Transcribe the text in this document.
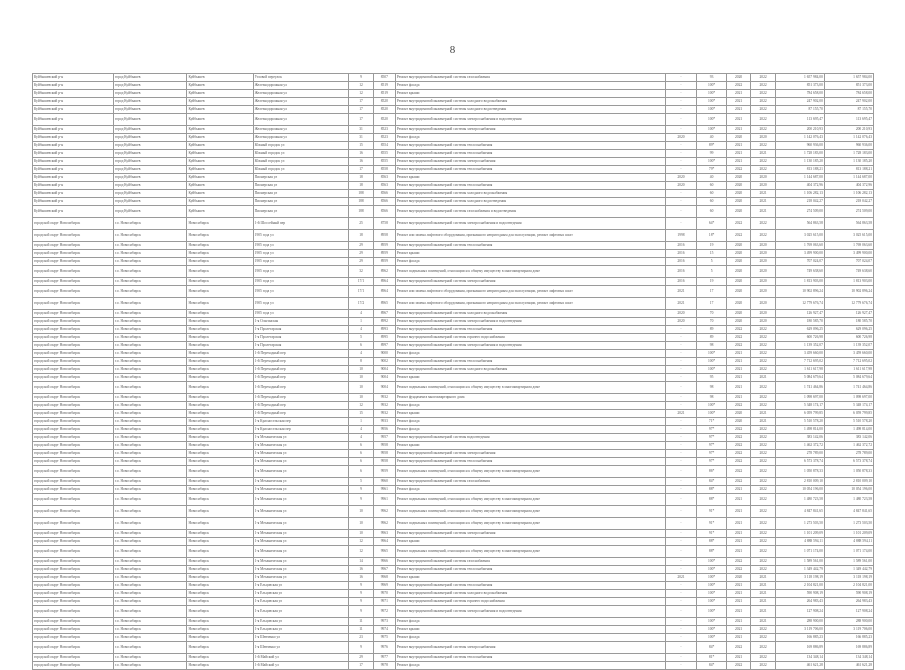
8
Куйбышевский р-н	город Куйбышев	Куйбышев	Угловой переулок	9	8507	Ремонт внутридомовой инженерной системы газоснабжения	-	93	2020	2022	1 657 984,00	1 657 984,00
Куйбышевский р-н	город Куйбышев	Куйбышев	Железнодорожная ул	12	8519	Ремонт фасада	-	100*	2022	2022	851 373,00	851 373,00
Куйбышевский р-н	город Куйбышев	Куйбышев	Железнодорожная ул	12	8519	Ремонт крыши	-	100*	2021	2022	784 658,00	784 658,00
Куйбышевский р-н	город Куйбышев	Куйбышев	Железнодорожная ул	17	8520	Ремонт внутридомовой инженерной системы холодного водоснабжения	-	100*	2021	2022	247 902,00	247 902,00
Куйбышевский р-н	город Куйбышев	Куйбышев	Железнодорожная ул	17	8520	Ремонт внутридомовой инженерной системы холодного водоотведения	-	100*	2021	2022	87 155,70	87 155,70
Куйбышевский р-н	город Куйбышев	Куйбышев	Железнодорожная ул	17	8520	Ремонт внутридомовой инженерной системы электроснабжения и водоотведения	-	100*	2021	2022	113 695,47	113 695,47
Куйбышевский р-н	город Куйбышев	Куйбышев	Железнодорожная ул	31	8523	Ремонт внутридомовой инженерной системы электроснабжения	-	100*	2021	2022	200 210,93	200 210,93
Куйбышевский р-н	город Куйбышев	Куйбышев	Железнодорожная ул	31	8523	Ремонт фасада	2020	40	2020	2020	1 142 076,43	1 142 076,43
Куйбышевский р-н	город Куйбышев	Куйбышев	Южный городок ул	15	8554	Ремонт внутридомовой инженерной системы теплоснабжения	-	89*	2021	2022	960 936,00	960 936,00
Куйбышевский р-н	город Куйбышев	Куйбышев	Южный городок ул	16	8555	Ремонт внутридомовой инженерной системы теплоснабжения	-	99	2021	2021	1 728 183,00	1 728 183,00
Куйбышевский р-н	город Куйбышев	Куйбышев	Южный городок ул	16	8555	Ремонт внутридомовой инженерной системы электроснабжения	-	100*	2021	2022	1 130 185,20	1 130 185,20
Куйбышевский р-н	город Куйбышев	Куйбышев	Южный городок ул	17	8558	Ремонт внутридомовой инженерной системы теплоснабжения	-	79*	2022	2022	813 188,21	813 188,21
Куйбышевский р-н	город Куйбышев	Куйбышев	Пионерская ул	18	8563	Ремонт крыши	2020	40	2020	2020	1 144 687,00	1 144 687,00
Куйбышевский р-н	город Куйбышев	Куйбышев	Пионерская ул	18	8563	Ремонт внутридомовой инженерной системы теплоснабжения	2020	60	2020	2020	404 372,96	404 372,96
Куйбышевский р-н	город Куйбышев	Куйбышев	Пионерская ул	188	8566	Ремонт внутридомовой инженерной системы холодного водоснабжения	-	60	2020	2021	1 106 282,13	1 106 282,13
Куйбышевский р-н	город Куйбышев	Куйбышев	Пионерская ул	188	8566	Ремонт внутридомовой инженерной системы холодного водоотведения	-	60	2020	2021	218 042,27	218 042,27
Куйбышевский р-н	город Куйбышев	Куйбышев	Пионерская ул	188	8566	Ремонт внутридомовой инженерной системы газоснабжения и водоотведения	-	60	2020	2021	274 509,00	274 509,00
городской округ Новосибирск	г.о. Новосибирск	Новосибирск	1-й Шоссейный пер	25	8758	Ремонт внутридомовой инженерной системы электроснабжения и водоотведения	-	64*	2022	2022	564 863,58	564 863,58
городской округ Новосибирск	г.о. Новосибирск	Новосибирск	1905 года ул	18	8958	Ремонт или замена лифтового оборудования, признанного непригодным для эксплуатации, ремонт лифтовых шахт	1998	18*	2022	2022	3 025 615,00	3 025 615,00
городской округ Новосибирск	г.о. Новосибирск	Новосибирск	1905 года ул	29	8959	Ремонт внутридомовой инженерной системы теплоснабжения	2016	19	2020	2020	1 769 063,60	1 769 063,60
городской округ Новосибирск	г.о. Новосибирск	Новосибирск	1905 года ул	29	8959	Ремонт крыши	2016	15	2020	2020	3 499 900,00	3 499 900,00
городской округ Новосибирск	г.о. Новосибирск	Новосибирск	1905 года ул	29	8959	Ремонт фасада	2016	5	2020	2020	707 024,07	707 024,07
городской округ Новосибирск	г.о. Новосибирск	Новосибирск	1905 года ул	32	8962	Ремонт подвальных помещений, относящихся к общему имуществу в многоквартирном доме	2016	5	2020	2020	749 638,60	749 638,60
городской округ Новосибирск	г.о. Новосибирск	Новосибирск	1905 года ул	17/1	8964	Ремонт внутридомовой инженерной системы электроснабжения	2016	19	2020	2020	1 813 903,00	1 813 903,00
городской округ Новосибирск	г.о. Новосибирск	Новосибирск	1905 года ул	17/1	8964	Ремонт или замена лифтового оборудования, признанного непригодным для эксплуатации, ремонт лифтовых шахт	2021	17	2020	2020	10 902 896,24	10 902 896,24
городской округ Новосибирск	г.о. Новосибирск	Новосибирск	1905 года ул	17/2	8965	Ремонт или замена лифтового оборудования, признанного непригодным для эксплуатации, ремонт лифтовых шахт	2021	17	2020	2020	12 779 676,74	12 779 676,74
городской округ Новосибирск	г.о. Новосибирск	Новосибирск	1905 года ул	4	8967	Ремонт внутридомовой инженерной системы холодного водоснабжения	2020	70	2020	2020	126 927,47	126 927,47
городской округ Новосибирск	г.о. Новосибирск	Новосибирск	1-я Ольгинская	1	8992	Ремонт внутридомовой инженерной системы электроснабжения и водоотведения	2020	70	2020	2020	180 585,70	180 585,70
городской округ Новосибирск	г.о. Новосибирск	Новосибирск	1-я Пролетарская	4	8993	Ремонт внутридомовой инженерной системы теплоснабжения	-	89	2022	2022	629 096,25	629 096,25
городской округ Новосибирск	г.о. Новосибирск	Новосибирск	1-я Пролетарская	5	8995	Ремонт внутридомовой инженерной системы горячего водоснабжения	-	89	2022	2022	600 726,98	600 726,98
городской округ Новосибирск	г.о. Новосибирск	Новосибирск	1-я Пролетарская	6	8997	Ремонт внутридомовой инженерной системы электроснабжения и водоотведения	-	98	2022	2022	1 139 352,07	1 139 352,07
городской округ Новосибирск	г.о. Новосибирск	Новосибирск	1-й Переходный пер	4	9000	Ремонт фасада	-	100*	2021	2022	3 459 660,00	3 459 660,00
городской округ Новосибирск	г.о. Новосибирск	Новосибирск	1-й Переходный пер	8	9002	Ремонт внутридомовой инженерной системы теплоснабжения	-	100*	2021	2022	7 712 695,02	7 712 695,02
городской округ Новосибирск	г.о. Новосибирск	Новосибирск	1-й Переходный пер	10	9004	Ремонт внутридомовой инженерной системы холодного водоснабжения	-	100*	2021	2022	1 611 617,98	1 611 617,98
городской округ Новосибирск	г.о. Новосибирск	Новосибирск	1-й Переходный пер	10	9004	Ремонт крыши	-	95	2021	2021	5 084 679,64	5 084 679,64
городской округ Новосибирск	г.о. Новосибирск	Новосибирск	1-й Переходный пер	10	9004	Ремонт подвальных помещений, относящихся к общему имуществу в многоквартирном доме	-	98	2021	2022	1 741 464,86	1 741 464,86
городской округ Новосибирск	г.о. Новосибирск	Новосибирск	1-й Переходный пер	10	9932	Ремонт фундамента многоквартирного дома	-	98	2021	2022	1 098 697,00	1 098 697,00
городской округ Новосибирск	г.о. Новосибирск	Новосибирск	1-й Переходный пер	12	9932	Ремонт фасада	-	100*	2022	2022	5 348 174,17	5 348 174,17
городской округ Новосибирск	г.о. Новосибирск	Новосибирск	1-й Переходный пер	15	9932	Ремонт крыши	2021	100*	2020	2021	6 059 799,85	6 059 799,85
городской округ Новосибирск	г.о. Новосибирск	Новосибирск	1-я Красносельская пер	1	9933	Ремонт фасада	-	71*	2020	2021	5 510 578,20	5 510 578,20
городской округ Новосибирск	г.о. Новосибирск	Новосибирск	1-я Красносельская пер	4	9956	Ремонт фасада	-	97*	2022	2022	1 498 814,00	1 498 814,00
городской округ Новосибирск	г.о. Новосибирск	Новосибирск	1-я Механическая ул	4	9957	Ремонт внутридомовой инженерной системы водоотведения	-	97*	2022	2022	383 142,06	383 142,06
городской округ Новосибирск	г.о. Новосибирск	Новосибирск	1-я Механическая ул	6	9958	Ремонт крыши	-	97*	2022	2022	1 462 372,72	1 462 372,72
городской округ Новосибирск	г.о. Новосибирск	Новосибирск	1-я Механическая ул	6	9958	Ремонт внутридомовой инженерной системы электроснабжения	-	97*	2022	2022	278 789,00	278 789,00
городской округ Новосибирск	г.о. Новосибирск	Новосибирск	1-я Механическая ул	6	9958	Ремонт внутридомовой инженерной системы теплоснабжения	-	97*	2022	2022	6 573 378,74	6 573 378,74
городской округ Новосибирск	г.о. Новосибирск	Новосибирск	1-я Механическая ул	6	9959	Ремонт подвальных помещений, относящихся к общему имуществу в многоквартирном доме	-	86*	2022	2022	1 050 878,33	1 050 878,33
городской округ Новосибирск	г.о. Новосибирск	Новосибирск	1-я Механическая ул	5	9960	Ремонт внутридомовой инженерной системы газоснабжения	-	84*	2022	2022	2 810 009,10	2 810 009,10
городской округ Новосибирск	г.о. Новосибирск	Новосибирск	1-я Механическая ул	9	9961	Ремонт фасада	-	88*	2021	2022	10 054 196,00	10 054 196,00
городской округ Новосибирск	г.о. Новосибирск	Новосибирск	1-я Механическая ул	9	9961	Ремонт подвальных помещений, относящихся к общему имуществу в многоквартирном доме	-	88*	2021	2022	1 480 723,58	1 480 723,58
городской округ Новосибирск	г.о. Новосибирск	Новосибирск	1-я Механическая ул	10	9962	Ремонт подвальных помещений, относящихся к общему имуществу в многоквартирном доме	-	91*	2021	2022	4 847 841,65	4 847 841,65
городской округ Новосибирск	г.о. Новосибирск	Новосибирск	1-я Механическая ул	10	9962	Ремонт подвальных помещений, относящихся к общему имуществу в многоквартирном доме	-	91*	2021	2022	1 273 503,50	1 273 503,50
городской округ Новосибирск	г.о. Новосибирск	Новосибирск	1-я Механическая ул	10	9963	Ремонт внутридомовой инженерной системы электроснабжения	-	91*	2021	2022	1 101 209,09	1 101 209,09
городской округ Новосибирск	г.о. Новосибирск	Новосибирск	1-я Механическая ул	12	9964	Ремонт крыши	-	88*	2021	2022	4 888 594,11	4 888 594,11
городской округ Новосибирск	г.о. Новосибирск	Новосибирск	1-я Механическая ул	12	9965	Ремонт подвальных помещений, относящихся к общему имуществу в многоквартирном доме	-	88*	2021	2022	1 071 174,00	1 071 174,00
городской округ Новосибирск	г.о. Новосибирск	Новосибирск	1-я Механическая ул	14	9966	Ремонт внутридомовой инженерной системы газоснабжения	-	100*	2022	2022	1 589 561,00	1 589 561,00
городской округ Новосибирск	г.о. Новосибирск	Новосибирск	1-я Механическая ул	16	9967	Ремонт внутридомовой инженерной системы теплоснабжения	-	100*	2022	2022	1 349 442,79	1 349 442,79
городской округ Новосибирск	г.о. Новосибирск	Новосибирск	1-я Механическая ул	16	9968	Ремонт крыши	2021	100*	2020	2021	3 118 198,19	3 118 198,19
городской округ Новосибирск	г.о. Новосибирск	Новосибирск	1-я Ельцовская ул	9	9969	Ремонт внутридомовой инженерной системы теплоснабжения	-	100*	2021	2021	2 104 821,00	2 104 821,00
городской округ Новосибирск	г.о. Новосибирск	Новосибирск	1-я Ельцовская ул	9	9970	Ремонт внутридомовой инженерной системы холодного водоснабжения	-	100*	2021	2021	590 908,19	590 908,19
городской округ Новосибирск	г.о. Новосибирск	Новосибирск	1-я Ельцовская ул	9	9971	Ремонт внутридомовой инженерной системы горячего водоснабжения	-	100*	2021	2021	264 983,43	264 983,43
городской округ Новосибирск	г.о. Новосибирск	Новосибирск	1-я Ельцовская ул	9	9972	Ремонт внутридомовой инженерной системы электроснабжения и водоотведения	-	100*	2021	2021	127 908,24	127 908,24
городской округ Новосибирск	г.о. Новосибирск	Новосибирск	1-я Ельцовская ул	11	9973	Ремонт фасада	-	100*	2021	2021	288 900,00	288 900,00
городской округ Новосибирск	г.о. Новосибирск	Новосибирск	1-я Ельцовская ул	11	9974	Ремонт крыши	-	100*	2021	2022	3 119 706,00	3 119 706,00
городской округ Новосибирск	г.о. Новосибирск	Новосибирск	1-я Шевченко ул	23	9975	Ремонт фасада	-	100*	2021	2022	166 885,23	166 885,23
городской округ Новосибирск	г.о. Новосибирск	Новосибирск	1-я Шевченко ул	9	9976	Ремонт внутридомовой инженерной системы электроснабжения	-	84*	2022	2022	169 886,89	169 886,89
городской округ Новосибирск	г.о. Новосибирск	Новосибирск	1-й Майский ул	29	9977	Ремонт внутридомовой инженерной системы теплоснабжения	-	81*	2021	2022	134 348,14	134 348,14
городской округ Новосибирск	г.о. Новосибирск	Новосибирск	1-й Майский ул	17	9978	Ремонт фасада	-	84*	2022	2022	461 621,28	461 621,28
